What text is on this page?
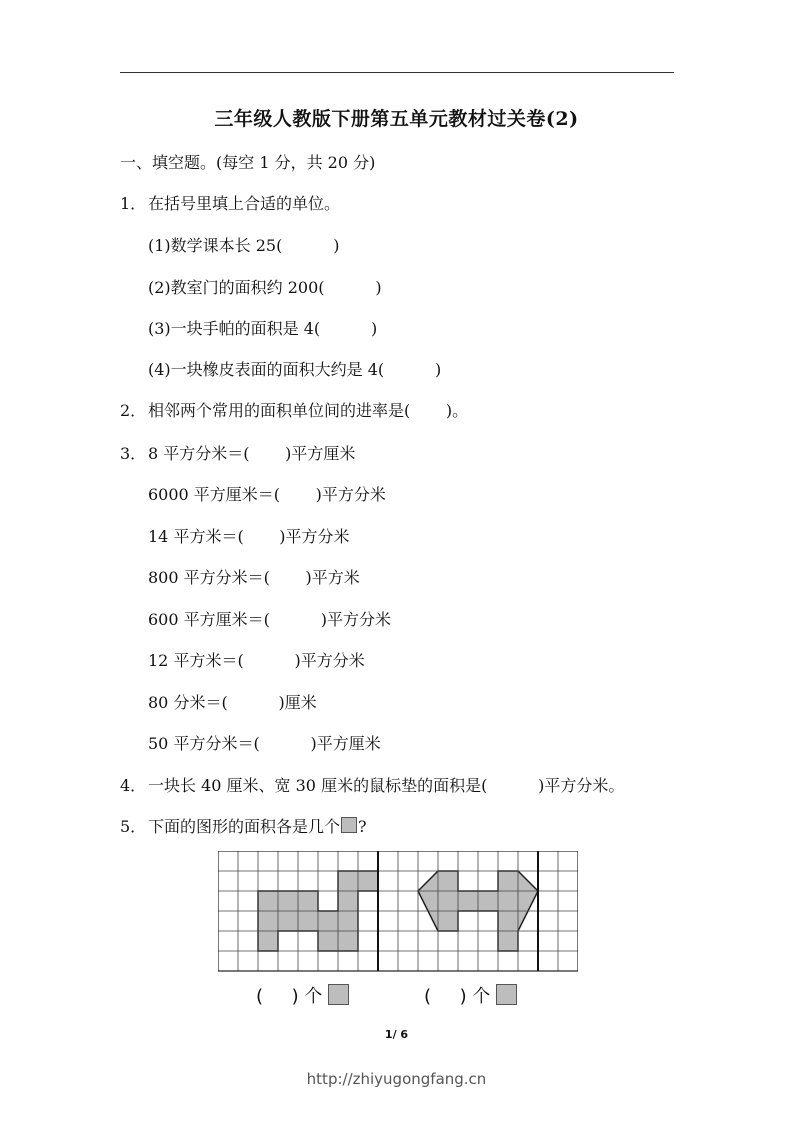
三年级人教版下册第五单元教材过关卷(2)
一、填空题。(每空 1 分，共 20 分)
1． 在括号里填上合适的单位。
(1)数学课本长 25(          )
(2)教室门的面积约 200(          )
(3)一块手帕的面积是 4(          )
(4)一块橡皮表面的面积大约是 4(          )
2． 相邻两个常用的面积单位间的进率是(       )。
3． 8 平方分米＝(       )平方厘米
6000 平方厘米＝(       )平方分米
14 平方米＝(       )平方分米
800 平方分米＝(       )平方米
600 平方厘米＝(          )平方分米
12 平方米＝(          )平方分米
80 分米＝(          )厘米
50 平方分米＝(          )平方厘米
4． 一块长 40 厘米、宽 30 厘米的鼠标垫的面积是(          )平方分米。
5． 下面的图形的面积各是几个 ?
(     ) 个	(     ) 个
1/ 6
http://zhiyugongfang.cn
